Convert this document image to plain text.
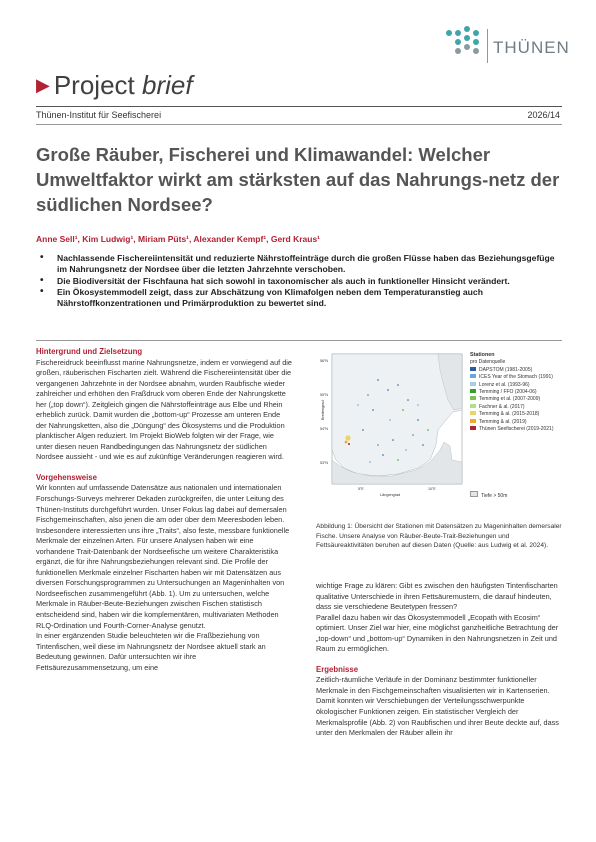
THÜNEN
▶ Project brief
Thünen-Institut für Seefischerei	2026/14
Große Räuber, Fischerei und Klimawandel: Welcher Umweltfaktor wirkt am stärksten auf das Nahrungs-netz der südlichen Nordsee?
Anne Sell¹, Kim Ludwig¹, Miriam Püts¹, Alexander Kempf¹, Gerd Kraus¹
• Nachlassende Fischereiintensität und reduzierte Nährstoffeinträge durch die großen Flüsse haben das Beziehungsgefüge im Nahrungsnetz der Nordsee über die letzten Jahrzehnte verschoben.
• Die Biodiversität der Fischfauna hat sich sowohl in taxonomischer als auch in funktioneller Hinsicht verändert.
• Ein Ökosystemmodell zeigt, dass zur Abschätzung von Klimafolgen neben dem Temperaturanstieg auch Nährstoffkonzentrationen und Primärproduktion zu bewertet sind.
Hintergrund und Zielsetzung

Fischereidruck beeinflusst marine Nahrungsnetze, indem er vorwiegend auf die großen, räuberischen Fischarten zielt. Während die Fischereiintensität über die vergangenen Jahrzehnte in der Nordsee abnahm, wurden Raubfische wieder zahlreicher und erhöhen den Fraßdruck vom oberen Ende der Nahrungskette her („top down“). Zeitgleich gingen die Nährstoffeinträge aus Elbe und Rhein erheblich zurück. Damit wurden die „bottom-up“ Prozesse am unteren Ende der Nahrungsketten, also die „Düngung“ des Ökosystems und die Produktion planktischer Algen reduziert. Im Projekt BioWeb folgten wir der Frage, wie unter diesen neuen Randbedingungen das Nahrungsnetz der südlichen Nordsee aussieht - und wie es auf zukünftige Veränderungen reagieren wird.

Vorgehensweise

Wir konnten auf umfassende Datensätze aus nationalen und internationalen Forschungs-Surveys mehrerer Dekaden zurückgreifen, die unter Leitung des Thünen-Instituts durchgeführt wurden. Unser Fokus lag dabei auf demersalen Fischgemeinschaften, also jenen die am oder über dem Meeresboden leben. Insbesondere interessierten uns ihre „Traits“, also feste, messbare funktionelle Merkmale der einzelnen Arten. Für unsere Analysen haben wir eine vorhandene Trait-Datenbank der Nordseefische um weitere Charakteristika ergänzt, die für ihre Nahrungsbeziehungen relevant sind. Die Profile der funktionellen Merkmale einzelner Fischarten haben wir mit Datensätzen aus diversen Forschungsprogrammen zu Untersuchungen an Mageninhalten von Nordseefischen zusammengeführt (Abb. 1). Um zu untersuchen, welche Merkmale in Räuber-Beute-Beziehungen zwischen Fischen statistisch entscheidend sind, haben wir die komplementären, multivariaten Methoden RLQ-Ordination und Fourth-Corner-Analyse genutzt.

In einer ergänzenden Studie beleuchteten wir die Fraßbeziehung von Tintenfischen, weil diese im Nahrungsnetz der Nordsee aktuell stark an Bedeutung gewinnen. Dafür untersuchten wir ihre Fettsäurezusammensetzung, um eine

56°N
55°N
54°N
53°N
5°E	10°E
Längengrad
Breitengrad
Stationen
pro Datenquelle
DAPSTOM (1981-2005)
ICES Year of the Stomach (1991)
Lorenz et al. (1993-96)
Temming / FFO (2004-06)
Temming et al. (2007-2009)
Fachner & al. (2017)
Temming & al. (2015-2018)
Temming & al. (2019)
Thünen Seefischerei (2019-2021)
Tiefe > 50m

Abbildung 1: Übersicht der Stationen mit Datensätzen zu Mageninhalten demersaler Fische. Unsere Analyse von Räuber-Beute-Trait-Beziehungen und Fettsäureaktivitäten beruhen auf diesen Daten (Quelle: aus Ludwig et al. 2024).

wichtige Frage zu klären: Gibt es zwischen den häufigsten Tintenfischarten qualitative Unterschiede in ihren Fettsäuremustern, die darauf hindeuten, dass sie verschiedene Beutetypen fressen?

Parallel dazu haben wir das Ökosystemmodell „Ecopath with Ecosim“ optimiert. Unser Ziel war hier, eine möglichst ganzheitliche Betrachtung der „top-down“ und „bottom-up“ Dynamiken in den Nahrungsnetzen in Zeit und Raum zu ermöglichen.

Ergebnisse

Zeitlich-räumliche Verläufe in der Dominanz bestimmter funktioneller Merkmale in den Fischgemeinschaften visualisierten wir in Kartenserien. Damit konnten wir Verschiebungen der Verteilungsschwerpunkte ökologischer Funktionen zeigen. Ein statistischer Vergleich der Merkmalsprofile (Abb. 2) von Raubfischen und ihrer Beute deckte auf, dass unter den Merkmalen der Räuber allein ihr
